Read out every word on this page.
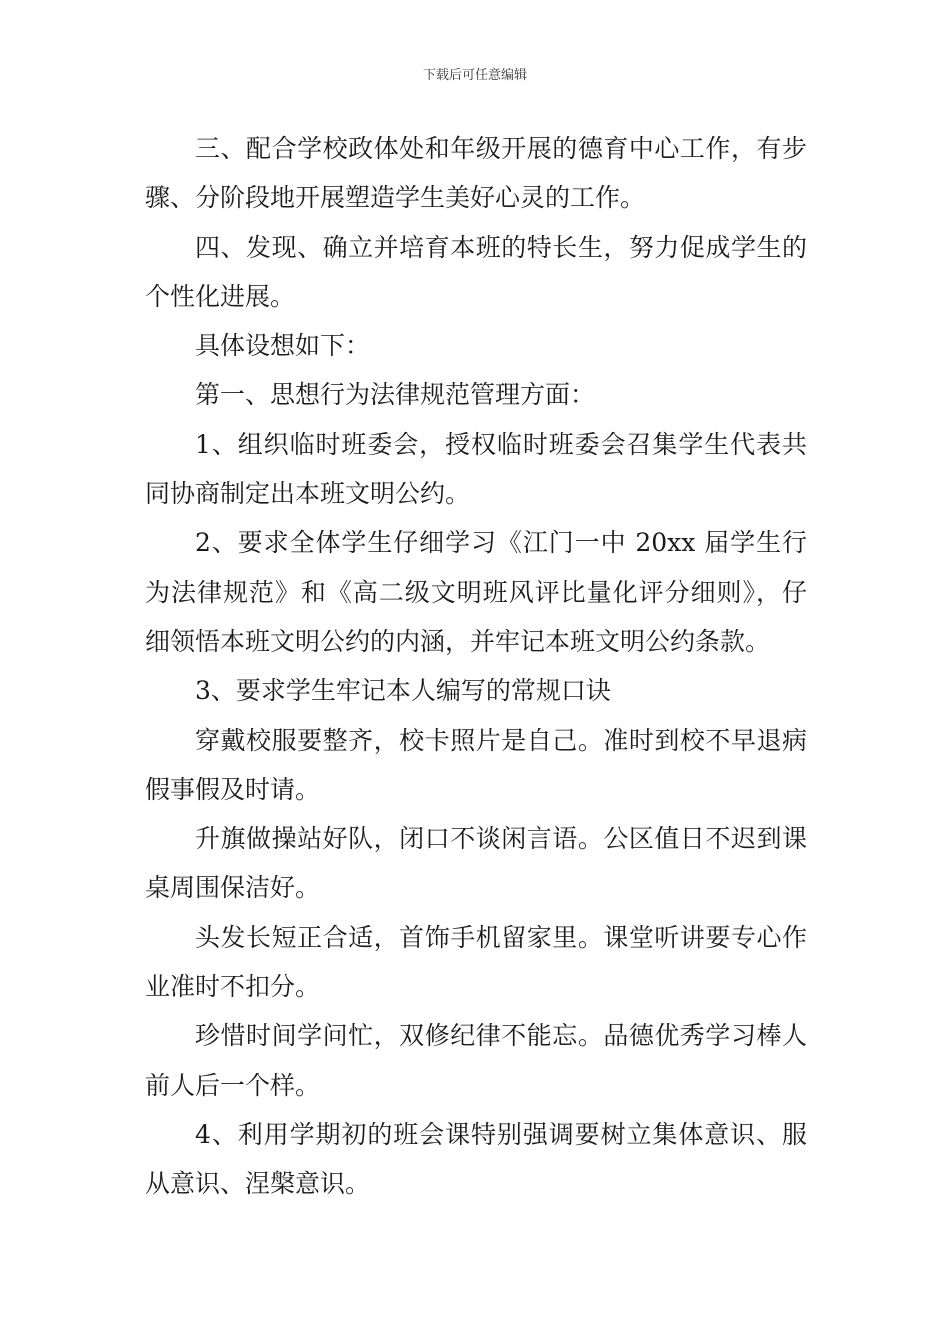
下载后可任意编辑

三、配合学校政体处和年级开展的德育中心工作，有步骤、分阶段地开展塑造学生美好心灵的工作。

四、发现、确立并培育本班的特长生，努力促成学生的个性化进展。

具体设想如下：

第一、思想行为法律规范管理方面：

1、组织临时班委会，授权临时班委会召集学生代表共同协商制定出本班文明公约。

2、要求全体学生仔细学习《江门一中 20xx 届学生行为法律规范》和《高二级文明班风评比量化评分细则》，仔细领悟本班文明公约的内涵，并牢记本班文明公约条款。

3、要求学生牢记本人编写的常规口诀

穿戴校服要整齐，校卡照片是自己。准时到校不早退病假事假及时请。

升旗做操站好队，闭口不谈闲言语。公区值日不迟到课桌周围保洁好。

头发长短正合适，首饰手机留家里。课堂听讲要专心作业准时不扣分。

珍惜时间学问忙，双修纪律不能忘。品德优秀学习棒人前人后一个样。

4、利用学期初的班会课特别强调要树立集体意识、服从意识、涅槃意识。
